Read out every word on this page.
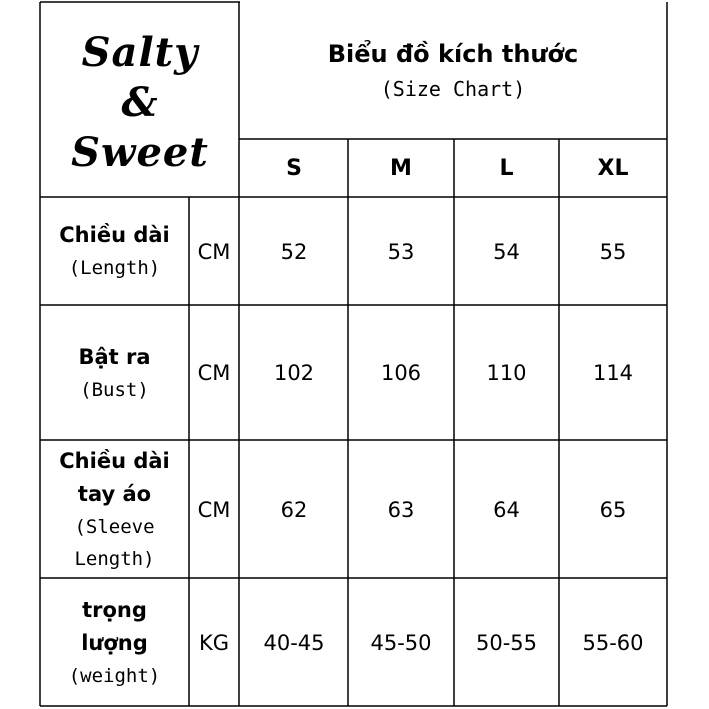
Salty
&
Sweet
Biểu đồ kích thước
(Size Chart)
S	M	L	XL
Chiều dài
(Length)
CM	52	53	54	55
Bật ra
(Bust)
CM	102	106	110	114
Chiều dài
tay áo
(Sleeve
Length)
CM	62	63	64	65
trọng
lượng
(weight)
KG	40-45	45-50	50-55	55-60
